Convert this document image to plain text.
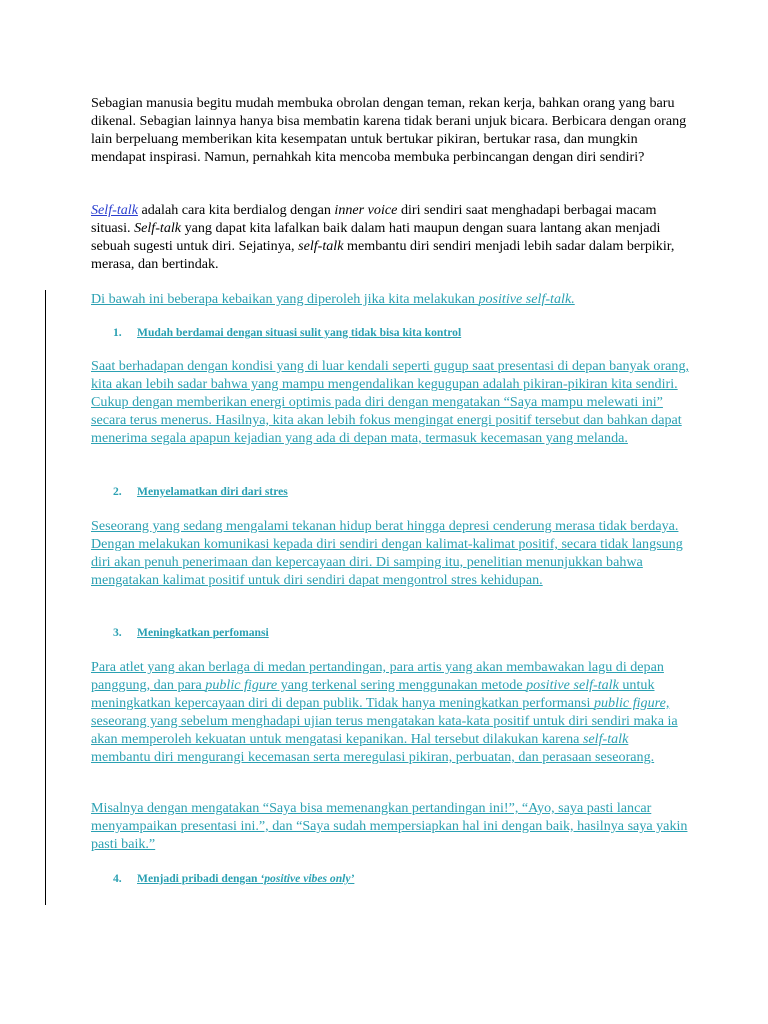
Sebagian manusia begitu mudah membuka obrolan dengan teman, rekan kerja, bahkan orang yang baru dikenal. Sebagian lainnya hanya bisa membatin karena tidak berani unjuk bicara. Berbicara dengan orang lain berpeluang memberikan kita kesempatan untuk bertukar pikiran, bertukar rasa, dan mungkin mendapat inspirasi. Namun, pernahkah kita mencoba membuka perbincangan dengan diri sendiri?

Self-talk adalah cara kita berdialog dengan inner voice diri sendiri saat menghadapi berbagai macam situasi. Self-talk yang dapat kita lafalkan baik dalam hati maupun dengan suara lantang akan menjadi sebuah sugesti untuk diri. Sejatinya, self-talk membantu diri sendiri menjadi lebih sadar dalam berpikir, merasa, dan bertindak.

Di bawah ini beberapa kebaikan yang diperoleh jika kita melakukan positive self-talk.

1. Mudah berdamai dengan situasi sulit yang tidak bisa kita kontrol

Saat berhadapan dengan kondisi yang di luar kendali seperti gugup saat presentasi di depan banyak orang, kita akan lebih sadar bahwa yang mampu mengendalikan kegugupan adalah pikiran-pikiran kita sendiri. Cukup dengan memberikan energi optimis pada diri dengan mengatakan “Saya mampu melewati ini” secara terus menerus. Hasilnya, kita akan lebih fokus mengingat energi positif tersebut dan bahkan dapat menerima segala apapun kejadian yang ada di depan mata, termasuk kecemasan yang melanda.

2. Menyelamatkan diri dari stres

Seseorang yang sedang mengalami tekanan hidup berat hingga depresi cenderung merasa tidak berdaya. Dengan melakukan komunikasi kepada diri sendiri dengan kalimat-kalimat positif, secara tidak langsung diri akan penuh penerimaan dan kepercayaan diri. Di samping itu, penelitian menunjukkan bahwa mengatakan kalimat positif untuk diri sendiri dapat mengontrol stres kehidupan.

3. Meningkatkan perfomansi

Para atlet yang akan berlaga di medan pertandingan, para artis yang akan membawakan lagu di depan panggung, dan para public figure yang terkenal sering menggunakan metode positive self-talk untuk meningkatkan kepercayaan diri di depan publik. Tidak hanya meningkatkan performansi public figure, seseorang yang sebelum menghadapi ujian terus mengatakan kata-kata positif untuk diri sendiri maka ia akan memperoleh kekuatan untuk mengatasi kepanikan. Hal tersebut dilakukan karena self-talk membantu diri mengurangi kecemasan serta meregulasi pikiran, perbuatan, dan perasaan seseorang.

Misalnya dengan mengatakan “Saya bisa memenangkan pertandingan ini!”, “Ayo, saya pasti lancar menyampaikan presentasi ini.”, dan “Saya sudah mempersiapkan hal ini dengan baik, hasilnya saya yakin pasti baik.”

4. Menjadi pribadi dengan ‘positive vibes only’
